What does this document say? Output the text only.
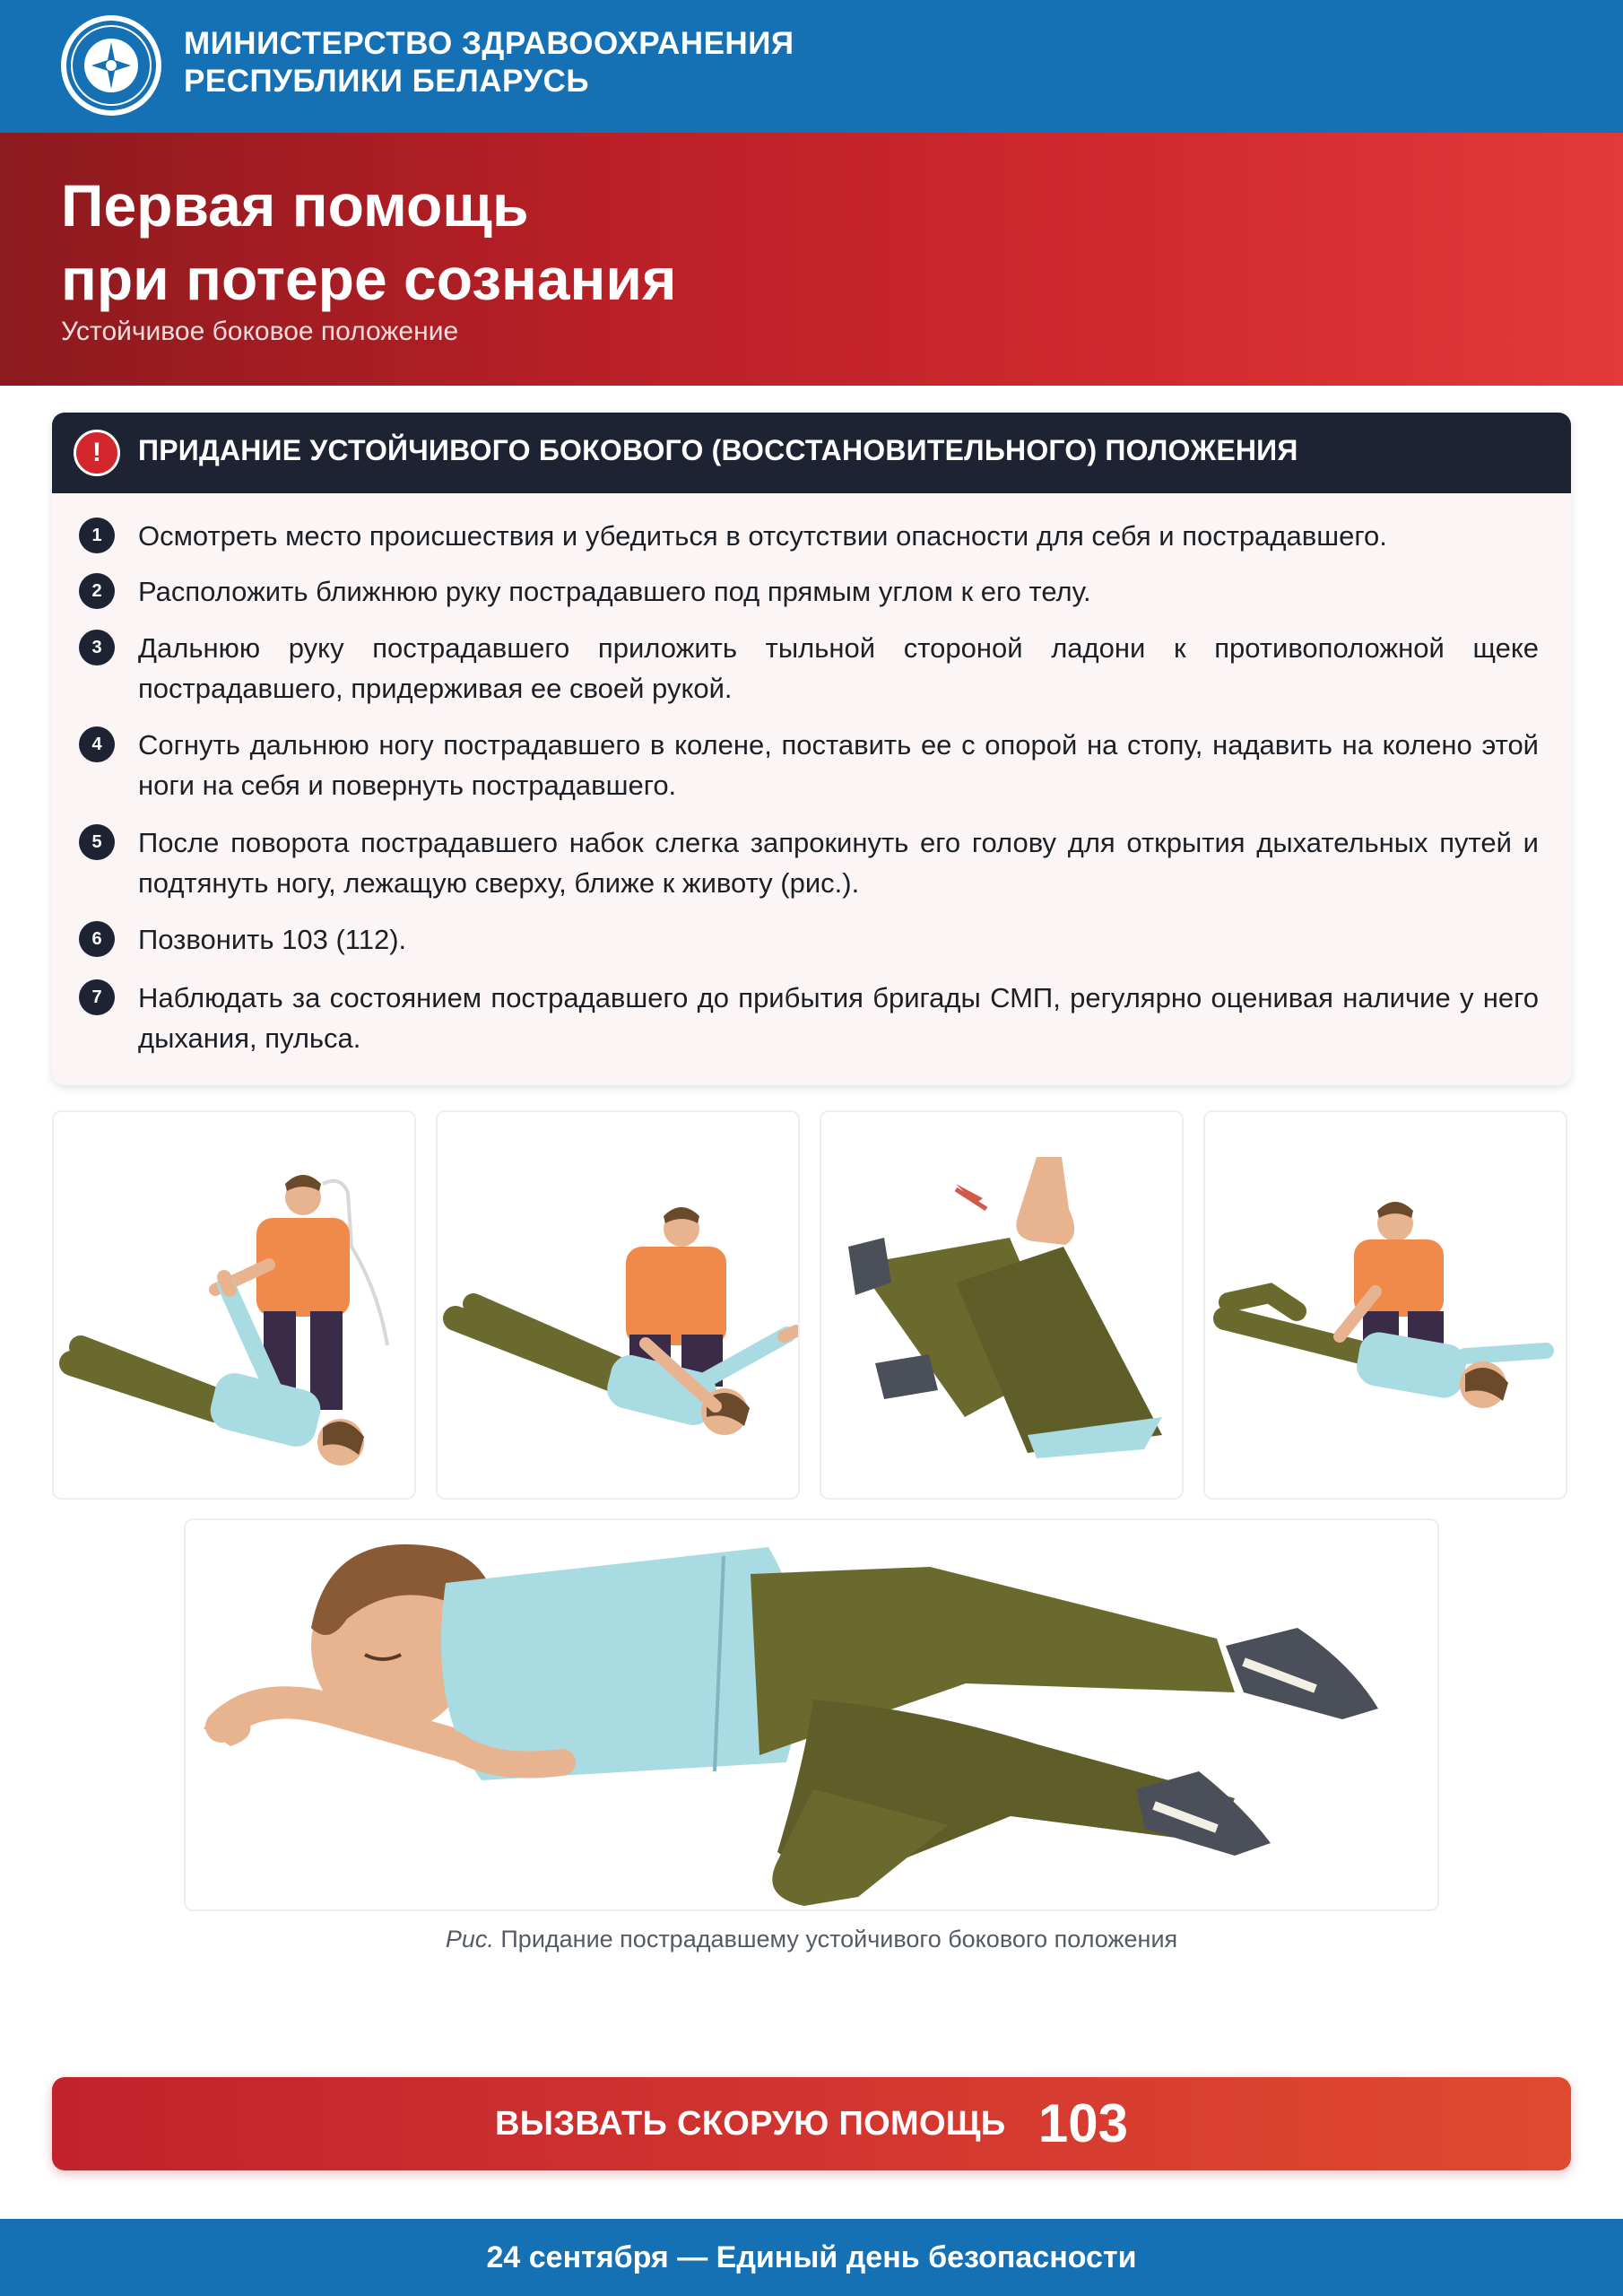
МИНИСТЕРСТВО ЗДРАВООХРАНЕНИЯ
РЕСПУБЛИКИ БЕЛАРУСЬ
Первая помощь
при потере сознания
Устойчивое боковое положение
!	ПРИДАНИЕ УСТОЙЧИВОГО БОКОВОГО (ВОССТАНОВИТЕЛЬНОГО) ПОЛОЖЕНИЯ
1	Осмотреть место происшествия и убедиться в отсутствии опасности для себя и пострадавшего.
2	Расположить ближнюю руку пострадавшего под прямым углом к его телу.
3	Дальнюю руку пострадавшего приложить тыльной стороной ладони к противоположной щеке пострадавшего, придерживая ее своей рукой.
4	Согнуть дальнюю ногу пострадавшего в колене, поставить ее с опорой на стопу, надавить на колено этой ноги на себя и повернуть пострадавшего.
5	После поворота пострадавшего набок слегка запрокинуть его голову для открытия дыхательных путей и подтянуть ногу, лежащую сверху, ближе к животу (рис.).
6	Позвонить 103 (112).
7	Наблюдать за состоянием пострадавшего до прибытия бригады СМП, регулярно оценивая наличие у него дыхания, пульса.
Рис. Придание пострадавшему устойчивого бокового положения
ВЫЗВАТЬ СКОРУЮ ПОМОЩЬ 103
24 сентября — Единый день безопасности
